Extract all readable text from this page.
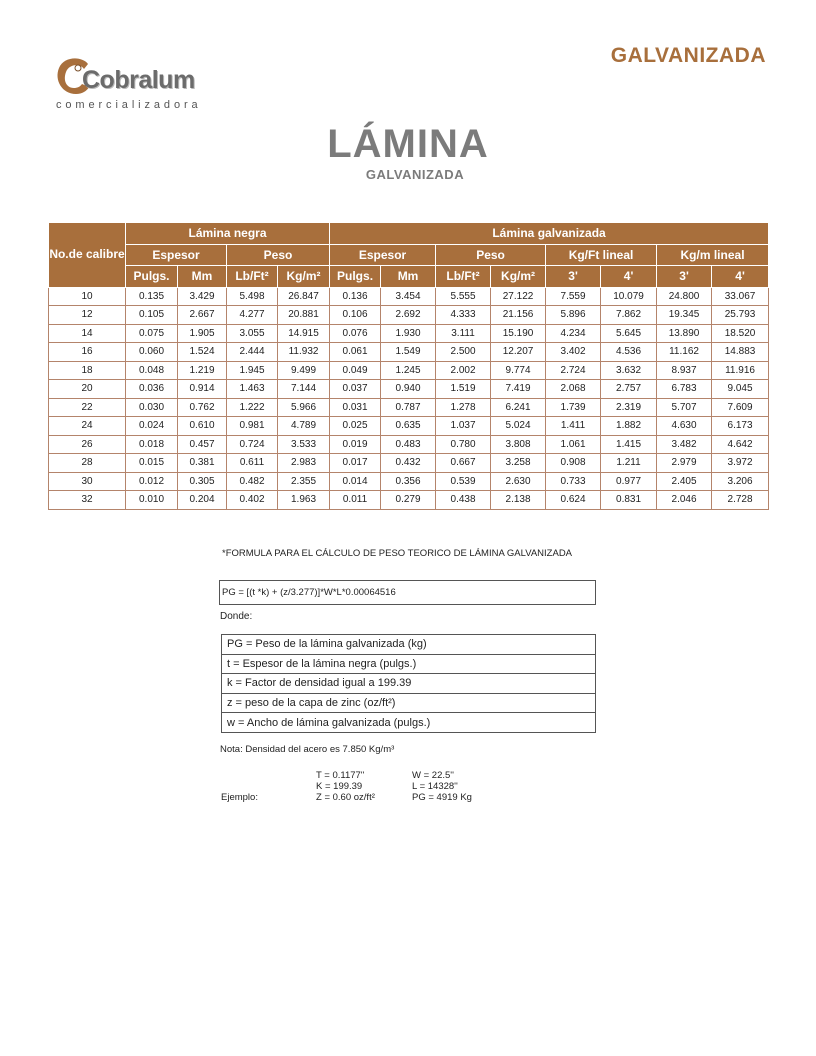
GALVANIZADA
Cobralum
comercializadora
LÁMINA
GALVANIZADA
No.de calibre	Lámina negra				Lámina galvanizada							
	Espesor		Peso		Espesor		Peso		Kg/Ft lineal		Kg/m lineal	
	Pulgs.	Mm	Lb/Ft²	Kg/m²	Pulgs.	Mm	Lb/Ft²	Kg/m²	3'	4'	3'	4'
10	0.135	3.429	5.498	26.847	0.136	3.454	5.555	27.122	7.559	10.079	24.800	33.067
12	0.105	2.667	4.277	20.881	0.106	2.692	4.333	21.156	5.896	7.862	19.345	25.793
14	0.075	1.905	3.055	14.915	0.076	1.930	3.111	15.190	4.234	5.645	13.890	18.520
16	0.060	1.524	2.444	11.932	0.061	1.549	2.500	12.207	3.402	4.536	11.162	14.883
18	0.048	1.219	1.945	9.499	0.049	1.245	2.002	9.774	2.724	3.632	8.937	11.916
20	0.036	0.914	1.463	7.144	0.037	0.940	1.519	7.419	2.068	2.757	6.783	9.045
22	0.030	0.762	1.222	5.966	0.031	0.787	1.278	6.241	1.739	2.319	5.707	7.609
24	0.024	0.610	0.981	4.789	0.025	0.635	1.037	5.024	1.411	1.882	4.630	6.173
26	0.018	0.457	0.724	3.533	0.019	0.483	0.780	3.808	1.061	1.415	3.482	4.642
28	0.015	0.381	0.611	2.983	0.017	0.432	0.667	3.258	0.908	1.211	2.979	3.972
30	0.012	0.305	0.482	2.355	0.014	0.356	0.539	2.630	0.733	0.977	2.405	3.206
32	0.010	0.204	0.402	1.963	0.011	0.279	0.438	2.138	0.624	0.831	2.046	2.728
*FORMULA PARA EL CÁLCULO DE PESO TEORICO DE LÁMINA GALVANIZADA
PG = [(t *k) + (z/3.277)]*W*L*0.00064516
Donde:
PG = Peso de la lámina galvanizada (kg)
t = Espesor de la lámina negra (pulgs.)
k = Factor de densidad igual a 199.39
z = peso de la capa de zinc (oz/ft²)
w = Ancho de lámina galvanizada (pulgs.)
Nota: Densidad del acero es 7.850 Kg/m³
T = 0.1177''
K = 199.39
Z = 0.60 oz/ft²
W = 22.5''
L = 14328''
PG = 4919 Kg
Ejemplo:
